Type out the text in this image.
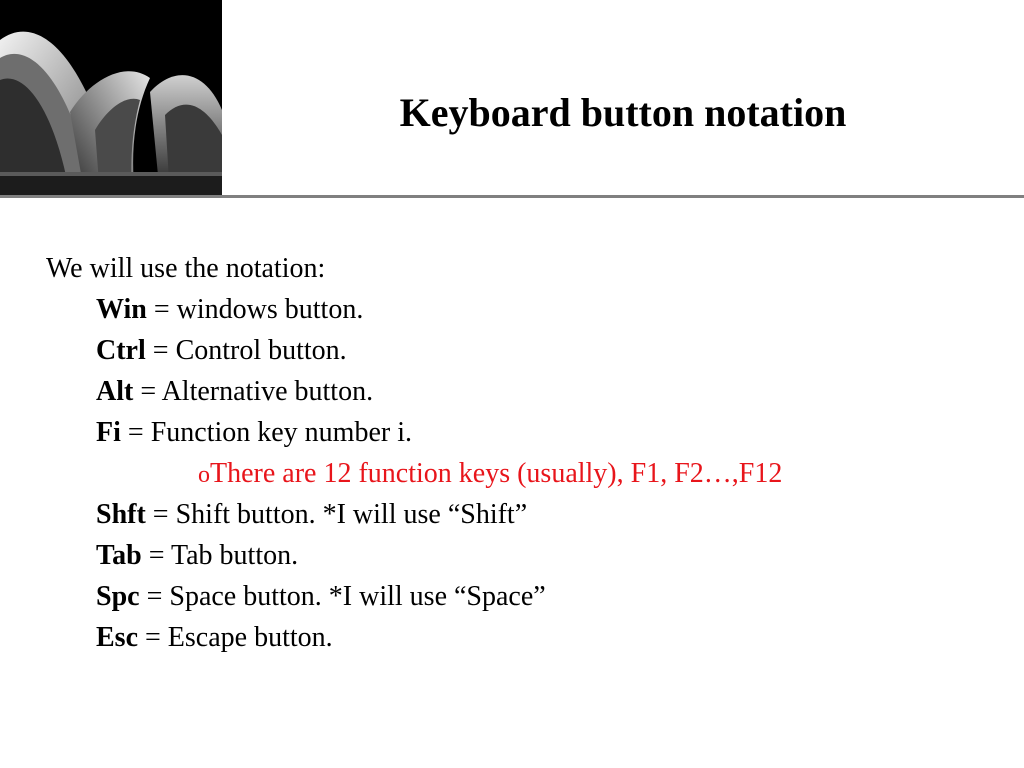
Keyboard button notation
We will use the notation:
Win = windows button.
Ctrl = Control button.
Alt = Alternative button.
Fi = Function key number i.
oThere are 12 function keys (usually), F1, F2…,F12
Shft = Shift button. *I will use “Shift”
Tab = Tab button.
Spc = Space button. *I will use “Space”
Esc = Escape button.
